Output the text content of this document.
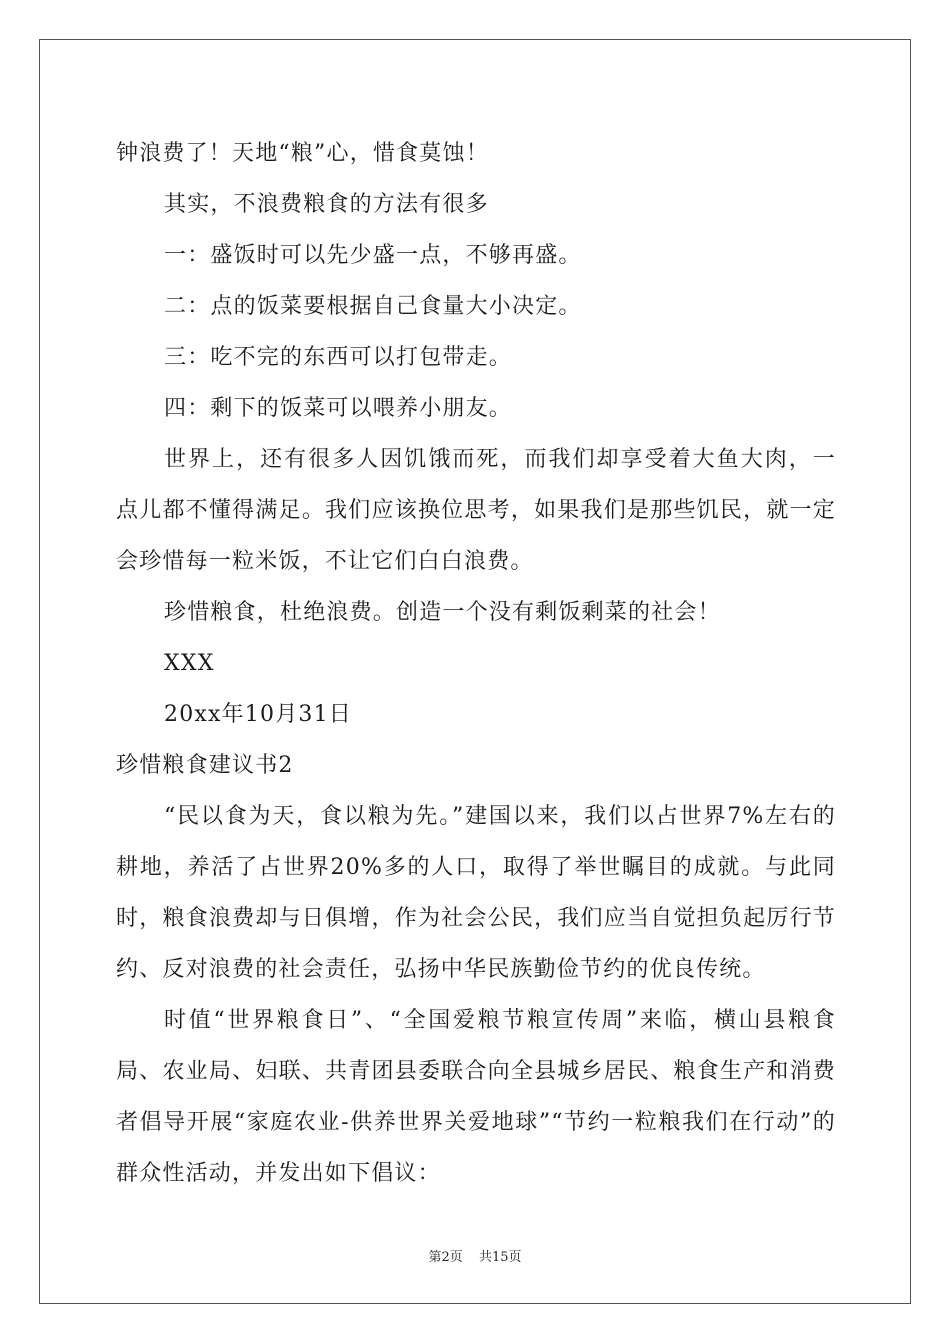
钟浪费了！天地“粮”心，惜食莫蚀！
其实，不浪费粮食的方法有很多
一：盛饭时可以先少盛一点，不够再盛。
二：点的饭菜要根据自己食量大小决定。
三：吃不完的东西可以打包带走。
四：剩下的饭菜可以喂养小朋友。
世界上，还有很多人因饥饿而死，而我们却享受着大鱼大肉，一点儿都不懂得满足。我们应该换位思考，如果我们是那些饥民，就一定会珍惜每一粒米饭，不让它们白白浪费。
珍惜粮食，杜绝浪费。创造一个没有剩饭剩菜的社会！
XXX
20xx年10月31日
珍惜粮食建议书2
“民以食为天，食以粮为先。”建国以来，我们以占世界7%左右的耕地，养活了占世界20%多的人口，取得了举世瞩目的成就。与此同时，粮食浪费却与日俱增，作为社会公民，我们应当自觉担负起厉行节约、反对浪费的社会责任，弘扬中华民族勤俭节约的优良传统。
时值“世界粮食日”、“全国爱粮节粮宣传周”来临，横山县粮食局、农业局、妇联、共青团县委联合向全县城乡居民、粮食生产和消费者倡导开展“家庭农业-供养世界关爱地球”“节约一粒粮我们在行动”的群众性活动，并发出如下倡议：
第2页 共15页
